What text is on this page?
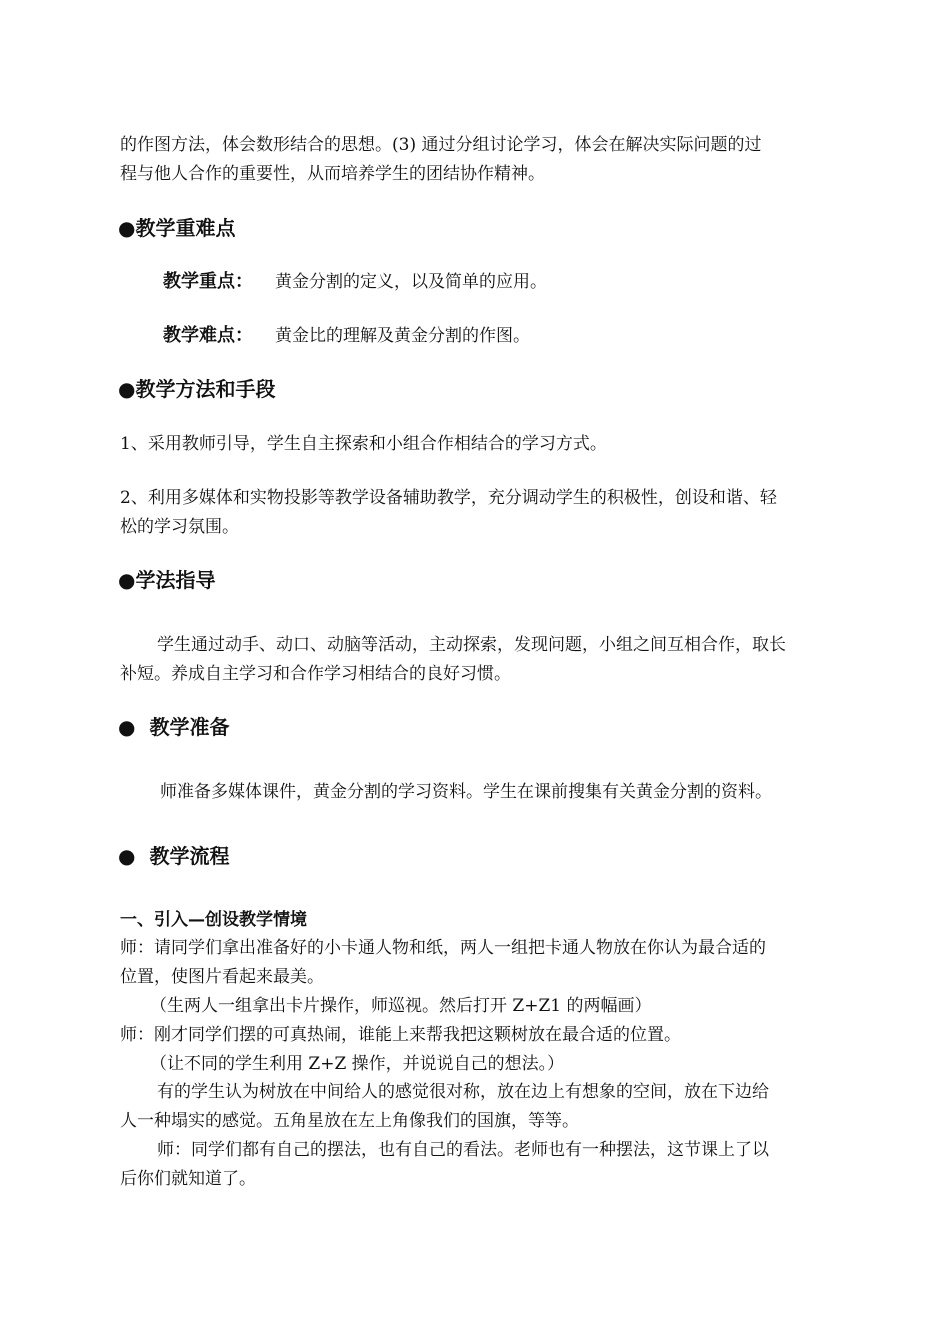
的作图方法，体会数形结合的思想。(3) 通过分组讨论学习，体会在解决实际问题的过
程与他人合作的重要性，从而培养学生的团结协作精神。
●教学重难点
教学重点： 黄金分割的定义，以及简单的应用。
教学难点： 黄金比的理解及黄金分割的作图。
●教学方法和手段
1、采用教师引导，学生自主探索和小组合作相结合的学习方式。
2、利用多媒体和实物投影等教学设备辅助教学，充分调动学生的积极性，创设和谐、轻
松的学习氛围。
●学法指导
学生通过动手、动口、动脑等活动，主动探索，发现问题，小组之间互相合作，取长
补短。养成自主学习和合作学习相结合的良好习惯。
● 教学准备
师准备多媒体课件，黄金分割的学习资料。学生在课前搜集有关黄金分割的资料。
● 教学流程
一、引入—创设教学情境
师：请同学们拿出准备好的小卡通人物和纸，两人一组把卡通人物放在你认为最合适的
位置，使图片看起来最美。
（生两人一组拿出卡片操作，师巡视。然后打开 Z+Z1 的两幅画）
师：刚才同学们摆的可真热闹，谁能上来帮我把这颗树放在最合适的位置。
（让不同的学生利用 Z+Z 操作，并说说自己的想法。）
有的学生认为树放在中间给人的感觉很对称，放在边上有想象的空间，放在下边给
人一种塌实的感觉。五角星放在左上角像我们的国旗，等等。
师：同学们都有自己的摆法，也有自己的看法。老师也有一种摆法，这节课上了以
后你们就知道了。
